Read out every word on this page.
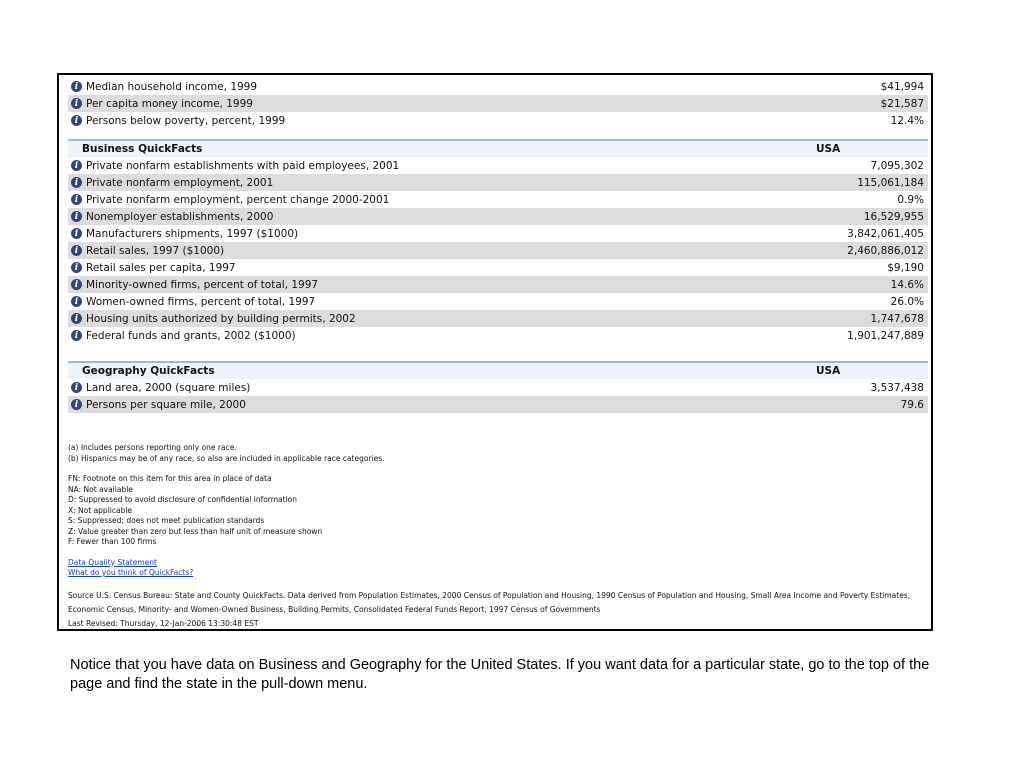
i Median household income, 1999	$41,994
i Per capita money income, 1999	$21,587
i Persons below poverty, percent, 1999	12.4%
Business QuickFacts	USA
i Private nonfarm establishments with paid employees, 2001	7,095,302
i Private nonfarm employment, 2001	115,061,184
i Private nonfarm employment, percent change 2000-2001	0.9%
i Nonemployer establishments, 2000	16,529,955
i Manufacturers shipments, 1997 ($1000)	3,842,061,405
i Retail sales, 1997 ($1000)	2,460,886,012
i Retail sales per capita, 1997	$9,190
i Minority-owned firms, percent of total, 1997	14.6%
i Women-owned firms, percent of total, 1997	26.0%
i Housing units authorized by building permits, 2002	1,747,678
i Federal funds and grants, 2002 ($1000)	1,901,247,889
Geography QuickFacts	USA
i Land area, 2000 (square miles)	3,537,438
i Persons per square mile, 2000	79.6
(a) Includes persons reporting only one race.
(b) Hispanics may be of any race, so also are included in applicable race categories.
FN: Footnote on this item for this area in place of data
NA: Not available
D: Suppressed to avoid disclosure of confidential information
X: Not applicable
S: Suppressed; does not meet publication standards
Z: Value greater than zero but less than half unit of measure shown
F: Fewer than 100 firms
Data Quality Statement
What do you think of QuickFacts?
Source U.S. Census Bureau: State and County QuickFacts. Data derived from Population Estimates, 2000 Census of Population and Housing, 1990 Census of Population and Housing, Small Area Income and Poverty Estimates,
Economic Census, Minority- and Women-Owned Business, Building Permits, Consolidated Federal Funds Report, 1997 Census of Governments
Last Revised: Thursday, 12-Jan-2006 13:30:48 EST
Notice that you have data on Business and Geography for the United States. If you want data for a particular state, go to the top of the page and find the state in the pull-down menu.
